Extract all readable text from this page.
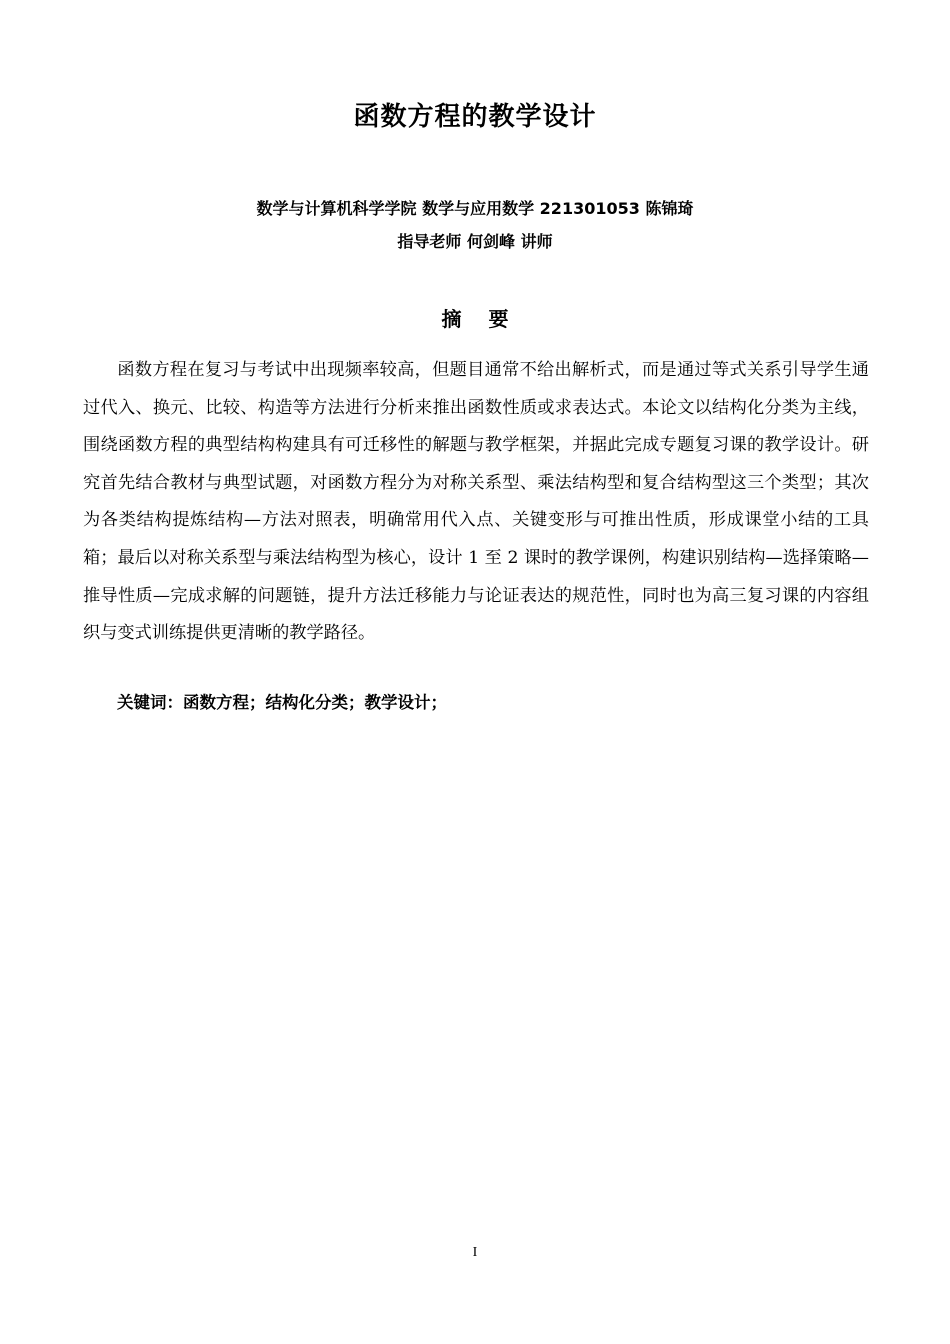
函数方程的教学设计
数学与计算机科学学院 数学与应用数学 221301053 陈锦琦
指导老师 何剑峰 讲师
摘 要

函数方程在复习与考试中出现频率较高，但题目通常不给出解析式，而是通过等式关系引导学生通过代入、换元、比较、构造等方法进行分析来推出函数性质或求表达式。本论文以结构化分类为主线，围绕函数方程的典型结构构建具有可迁移性的解题与教学框架，并据此完成专题复习课的教学设计。研究首先结合教材与典型试题，对函数方程分为对称关系型、乘法结构型和复合结构型这三个类型；其次为各类结构提炼结构—方法对照表，明确常用代入点、关键变形与可推出性质，形成课堂小结的工具箱；最后以对称关系型与乘法结构型为核心，设计 1 至 2 课时的教学课例，构建识别结构—选择策略—推导性质—完成求解的问题链，提升方法迁移能力与论证表达的规范性，同时也为高三复习课的内容组织与变式训练提供更清晰的教学路径。

关键词：函数方程；结构化分类；教学设计；
I
